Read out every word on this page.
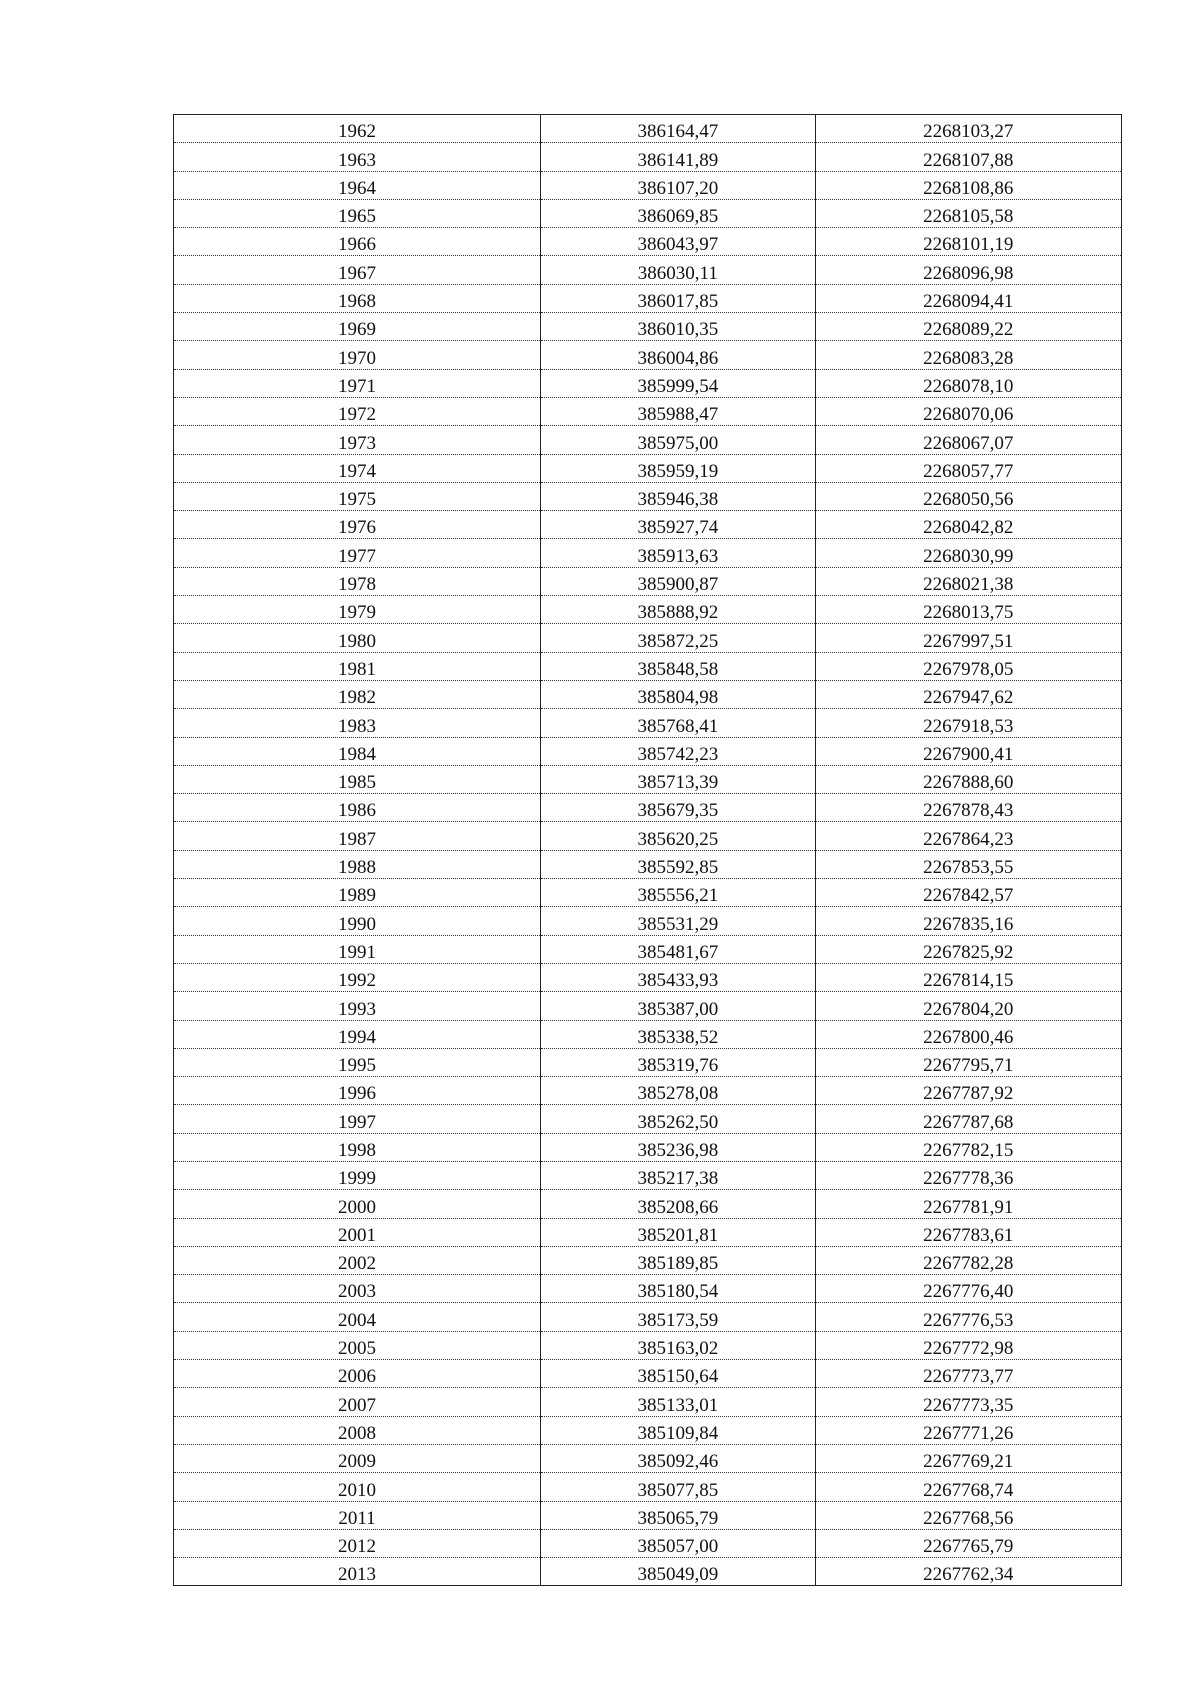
1962	386164,47	2268103,27
1963	386141,89	2268107,88
1964	386107,20	2268108,86
1965	386069,85	2268105,58
1966	386043,97	2268101,19
1967	386030,11	2268096,98
1968	386017,85	2268094,41
1969	386010,35	2268089,22
1970	386004,86	2268083,28
1971	385999,54	2268078,10
1972	385988,47	2268070,06
1973	385975,00	2268067,07
1974	385959,19	2268057,77
1975	385946,38	2268050,56
1976	385927,74	2268042,82
1977	385913,63	2268030,99
1978	385900,87	2268021,38
1979	385888,92	2268013,75
1980	385872,25	2267997,51
1981	385848,58	2267978,05
1982	385804,98	2267947,62
1983	385768,41	2267918,53
1984	385742,23	2267900,41
1985	385713,39	2267888,60
1986	385679,35	2267878,43
1987	385620,25	2267864,23
1988	385592,85	2267853,55
1989	385556,21	2267842,57
1990	385531,29	2267835,16
1991	385481,67	2267825,92
1992	385433,93	2267814,15
1993	385387,00	2267804,20
1994	385338,52	2267800,46
1995	385319,76	2267795,71
1996	385278,08	2267787,92
1997	385262,50	2267787,68
1998	385236,98	2267782,15
1999	385217,38	2267778,36
2000	385208,66	2267781,91
2001	385201,81	2267783,61
2002	385189,85	2267782,28
2003	385180,54	2267776,40
2004	385173,59	2267776,53
2005	385163,02	2267772,98
2006	385150,64	2267773,77
2007	385133,01	2267773,35
2008	385109,84	2267771,26
2009	385092,46	2267769,21
2010	385077,85	2267768,74
2011	385065,79	2267768,56
2012	385057,00	2267765,79
2013	385049,09	2267762,34
